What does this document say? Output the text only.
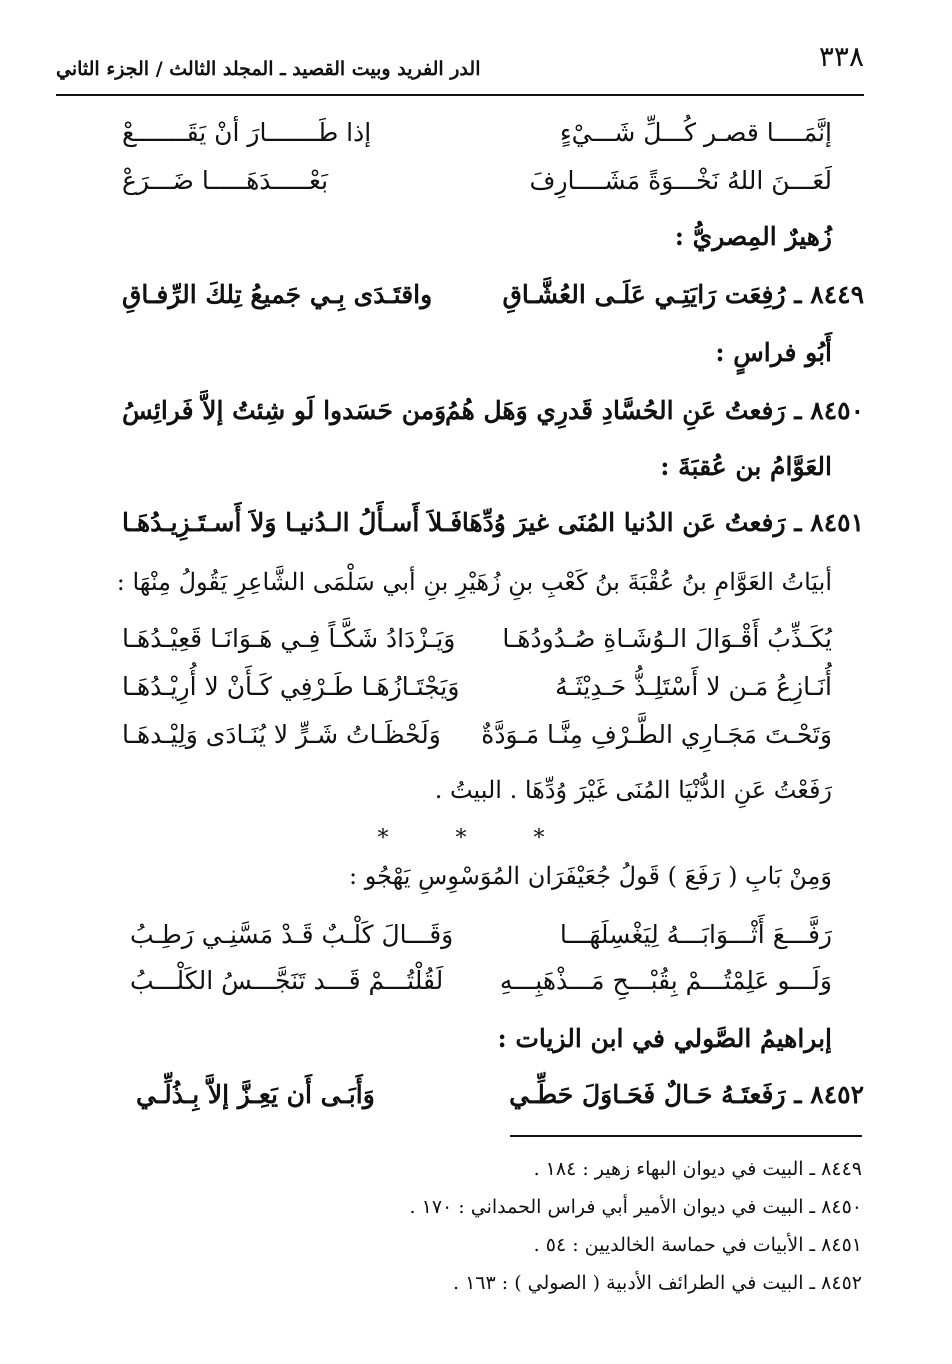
٣٣٨
الدر الفريد وبيت القصيد ـ المجلد الثالث / الجزء الثاني
إنَّمَــــا قصـر كُـــلِّ شَـــيْءٍ
إذا طَـــــــارَ أنْ يَقَـــــــعْ
لَعَـــنَ اللهُ نَخْـــوَةً مَشَــــارِفَ
بَعْـــــدَهَـــــا ضَـــرَعْ
زُهيرٌ المِصريُّ :
٨٤٤٩ ـ رُفِعَت رَايَتِـي عَلَـى العُشَّـاقِ
واقتَـدَى بِـي جَميعُ تِلكَ الرِّفـاقِ
أَبُو فراسٍ :
٨٤٥٠ ـ رَفعتُ عَنِ الحُسَّادِ قَدرِي وَهَل هُمُ
وَمن حَسَدوا لَو شِئتُ إلاَّ فَرائِسُ
العَوَّامُ بن عُقبَةَ :
٨٤٥١ ـ رَفعتُ عَن الدُنيا المُنَى غيرَ وُدِّهَا
فَـلاَ أَسـأَلُ الـدُنيـا وَلاَ أَسـتَـزِيـدُهَـا
أبيَاتُ العَوَّامِ بنُ عُقْبَةَ بنُ كَعْبِ بنِ زُهَيْرِ بنِ أبي سَلْمَى الشَّاعِرِ يَقُولُ مِنْهَا :
يُكَـذِّبُ أَقْـوَالَ الـوُشَـاةِ صُـدُودُهَـا
وَيَـزْدَادُ شَكَّـاً فِـي هَـوَانَـا قَعِيْـدُهَـا
أُنَـازِعُ مَـن لا أَسْتَلِـذُّ حَـدِيْثَـهُ
وَيَجْتَـازُهَـا طَـرْفِي كَـأَنْ لا أُرِيْـدُهَـا
وَتَحْـتَ مَجَـارِي الطَّـرْفِ مِنَّـا مَـوَدَّةٌ
وَلَحْظَـاتُ شَـرٍّ لا يُنَـادَى وَلِيْـدهَـا
رَفَعْتُ عَنِ الدُّنْيَا المُنَى غَيْرَ وُدِّهَا . البيتُ .
* * *
وَمِنْ بَابِ ( رَفَعَ ) قَولُ جُعَيْفَرَان المُوَسْوِسِ يَهْجُو :
رَفَّـــعَ أَثْـــوَابَـــهُ لِيَغْسِلَهَـــا
وَقَـــالَ كَلْـبٌ قَـدْ مَسَّنِـي رَطِـبُ
وَلَـــو عَلِمْتُـــمْ بِقُبْـــحِ مَـــذْهَبِـــهِ
لَقُلْتُـــمْ قَـــد تَنَجَّـــسُ الكَلْـــبُ
إبراهيمُ الصَّولي في ابن الزيات :
٨٤٥٢ ـ رَفَعتَـهُ حَـالٌ فَحَـاوَلَ حَطِّـي
وَأَبَـى أَن يَعِـزَّ إلاَّ بِـذُلِّـي
٨٤٤٩ ـ البيت في ديوان البهاء زهير : ١٨٤ .
٨٤٥٠ ـ البيت في ديوان الأمير أبي فراس الحمداني : ١٧٠ .
٨٤٥١ ـ الأبيات في حماسة الخالديين : ٥٤ .
٨٤٥٢ ـ البيت في الطرائف الأدبية ( الصولي ) : ١٦٣ .
